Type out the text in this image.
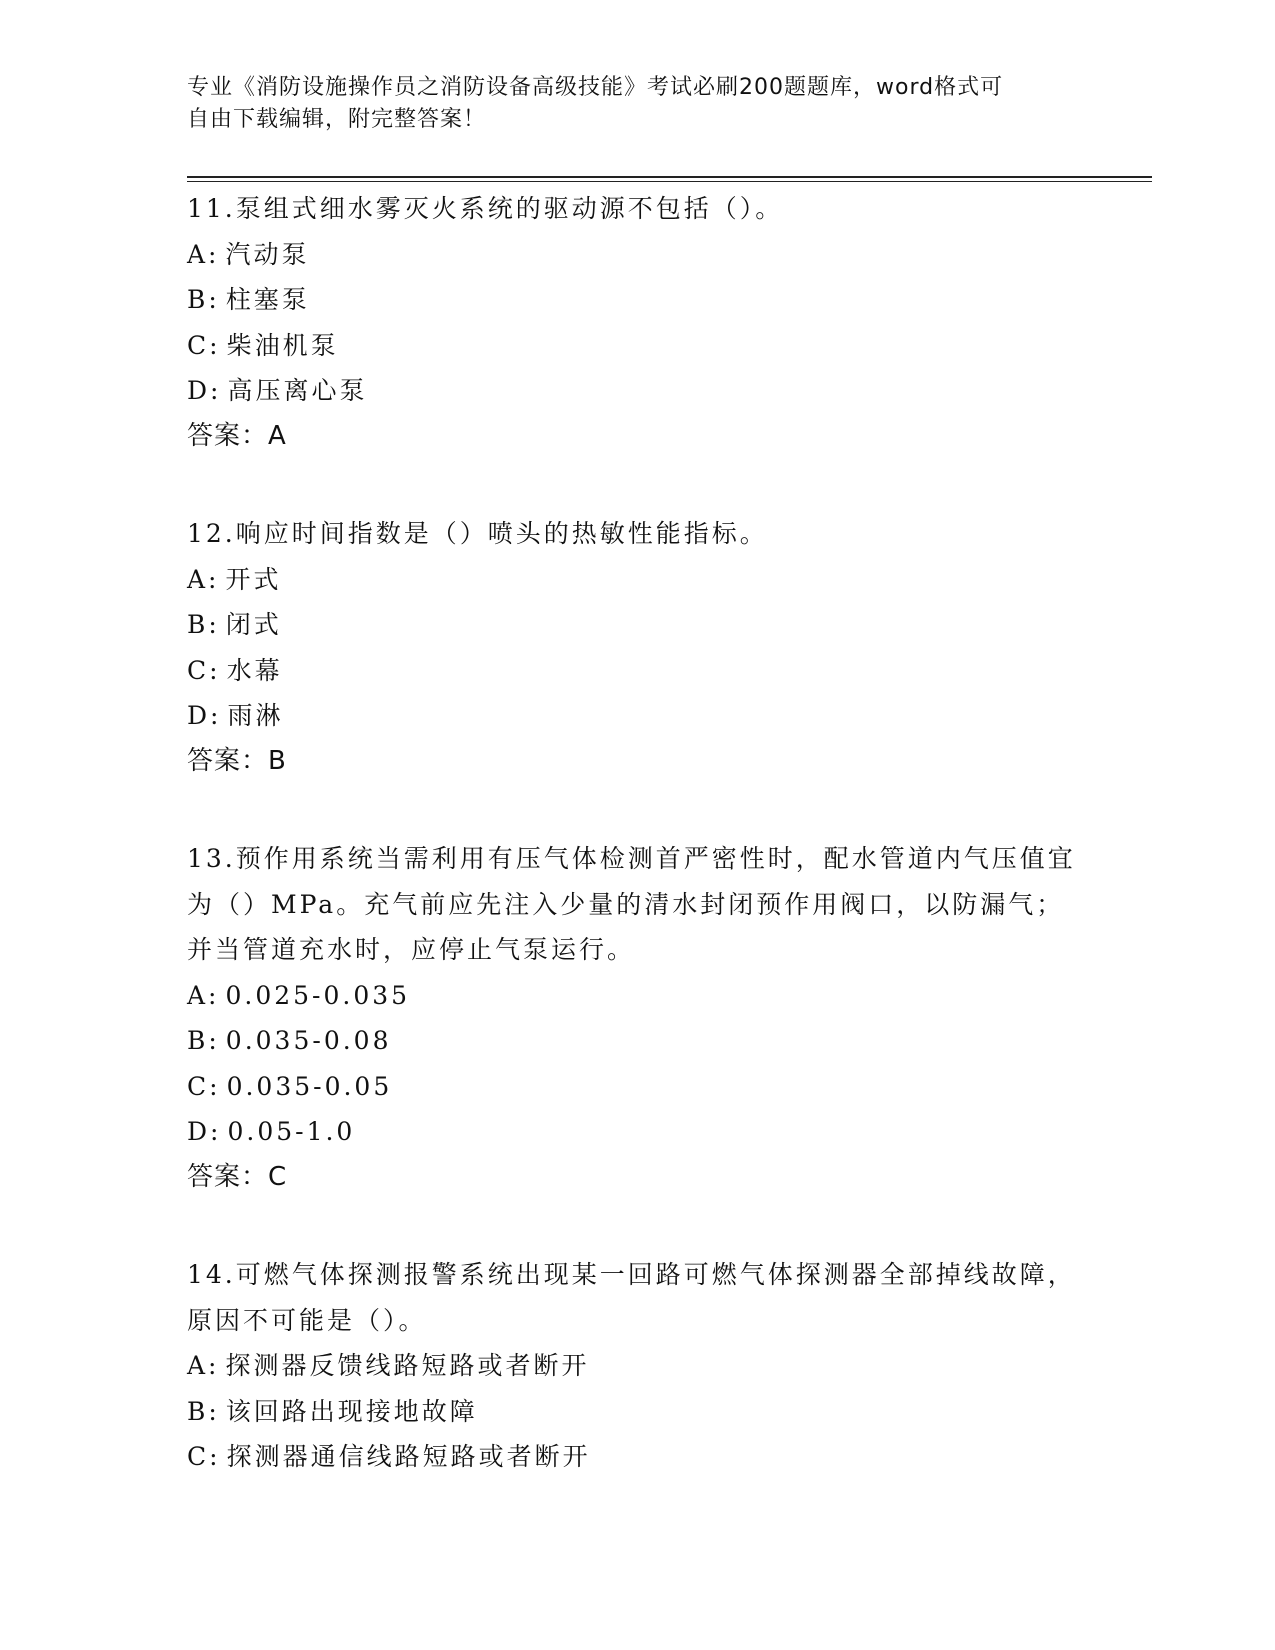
专业《消防设施操作员之消防设备高级技能》考试必刷200题题库，word格式可
自由下载编辑，附完整答案！
11.泵组式细水雾灭火系统的驱动源不包括（）。
A: 汽动泵
B: 柱塞泵
C: 柴油机泵
D: 高压离心泵
答案：A
12.响应时间指数是（）喷头的热敏性能指标。
A: 开式
B: 闭式
C: 水幕
D: 雨淋
答案：B
13.预作用系统当需利用有压气体检测首严密性时，配水管道内气压值宜为（）MPa。充气前应先注入少量的清水封闭预作用阀口，以防漏气；并当管道充水时，应停止气泵运行。
A: 0.025-0.035
B: 0.035-0.08
C: 0.035-0.05
D: 0.05-1.0
答案：C
14.可燃气体探测报警系统出现某一回路可燃气体探测器全部掉线故障，原因不可能是（）。
A: 探测器反馈线路短路或者断开
B: 该回路出现接地故障
C: 探测器通信线路短路或者断开
